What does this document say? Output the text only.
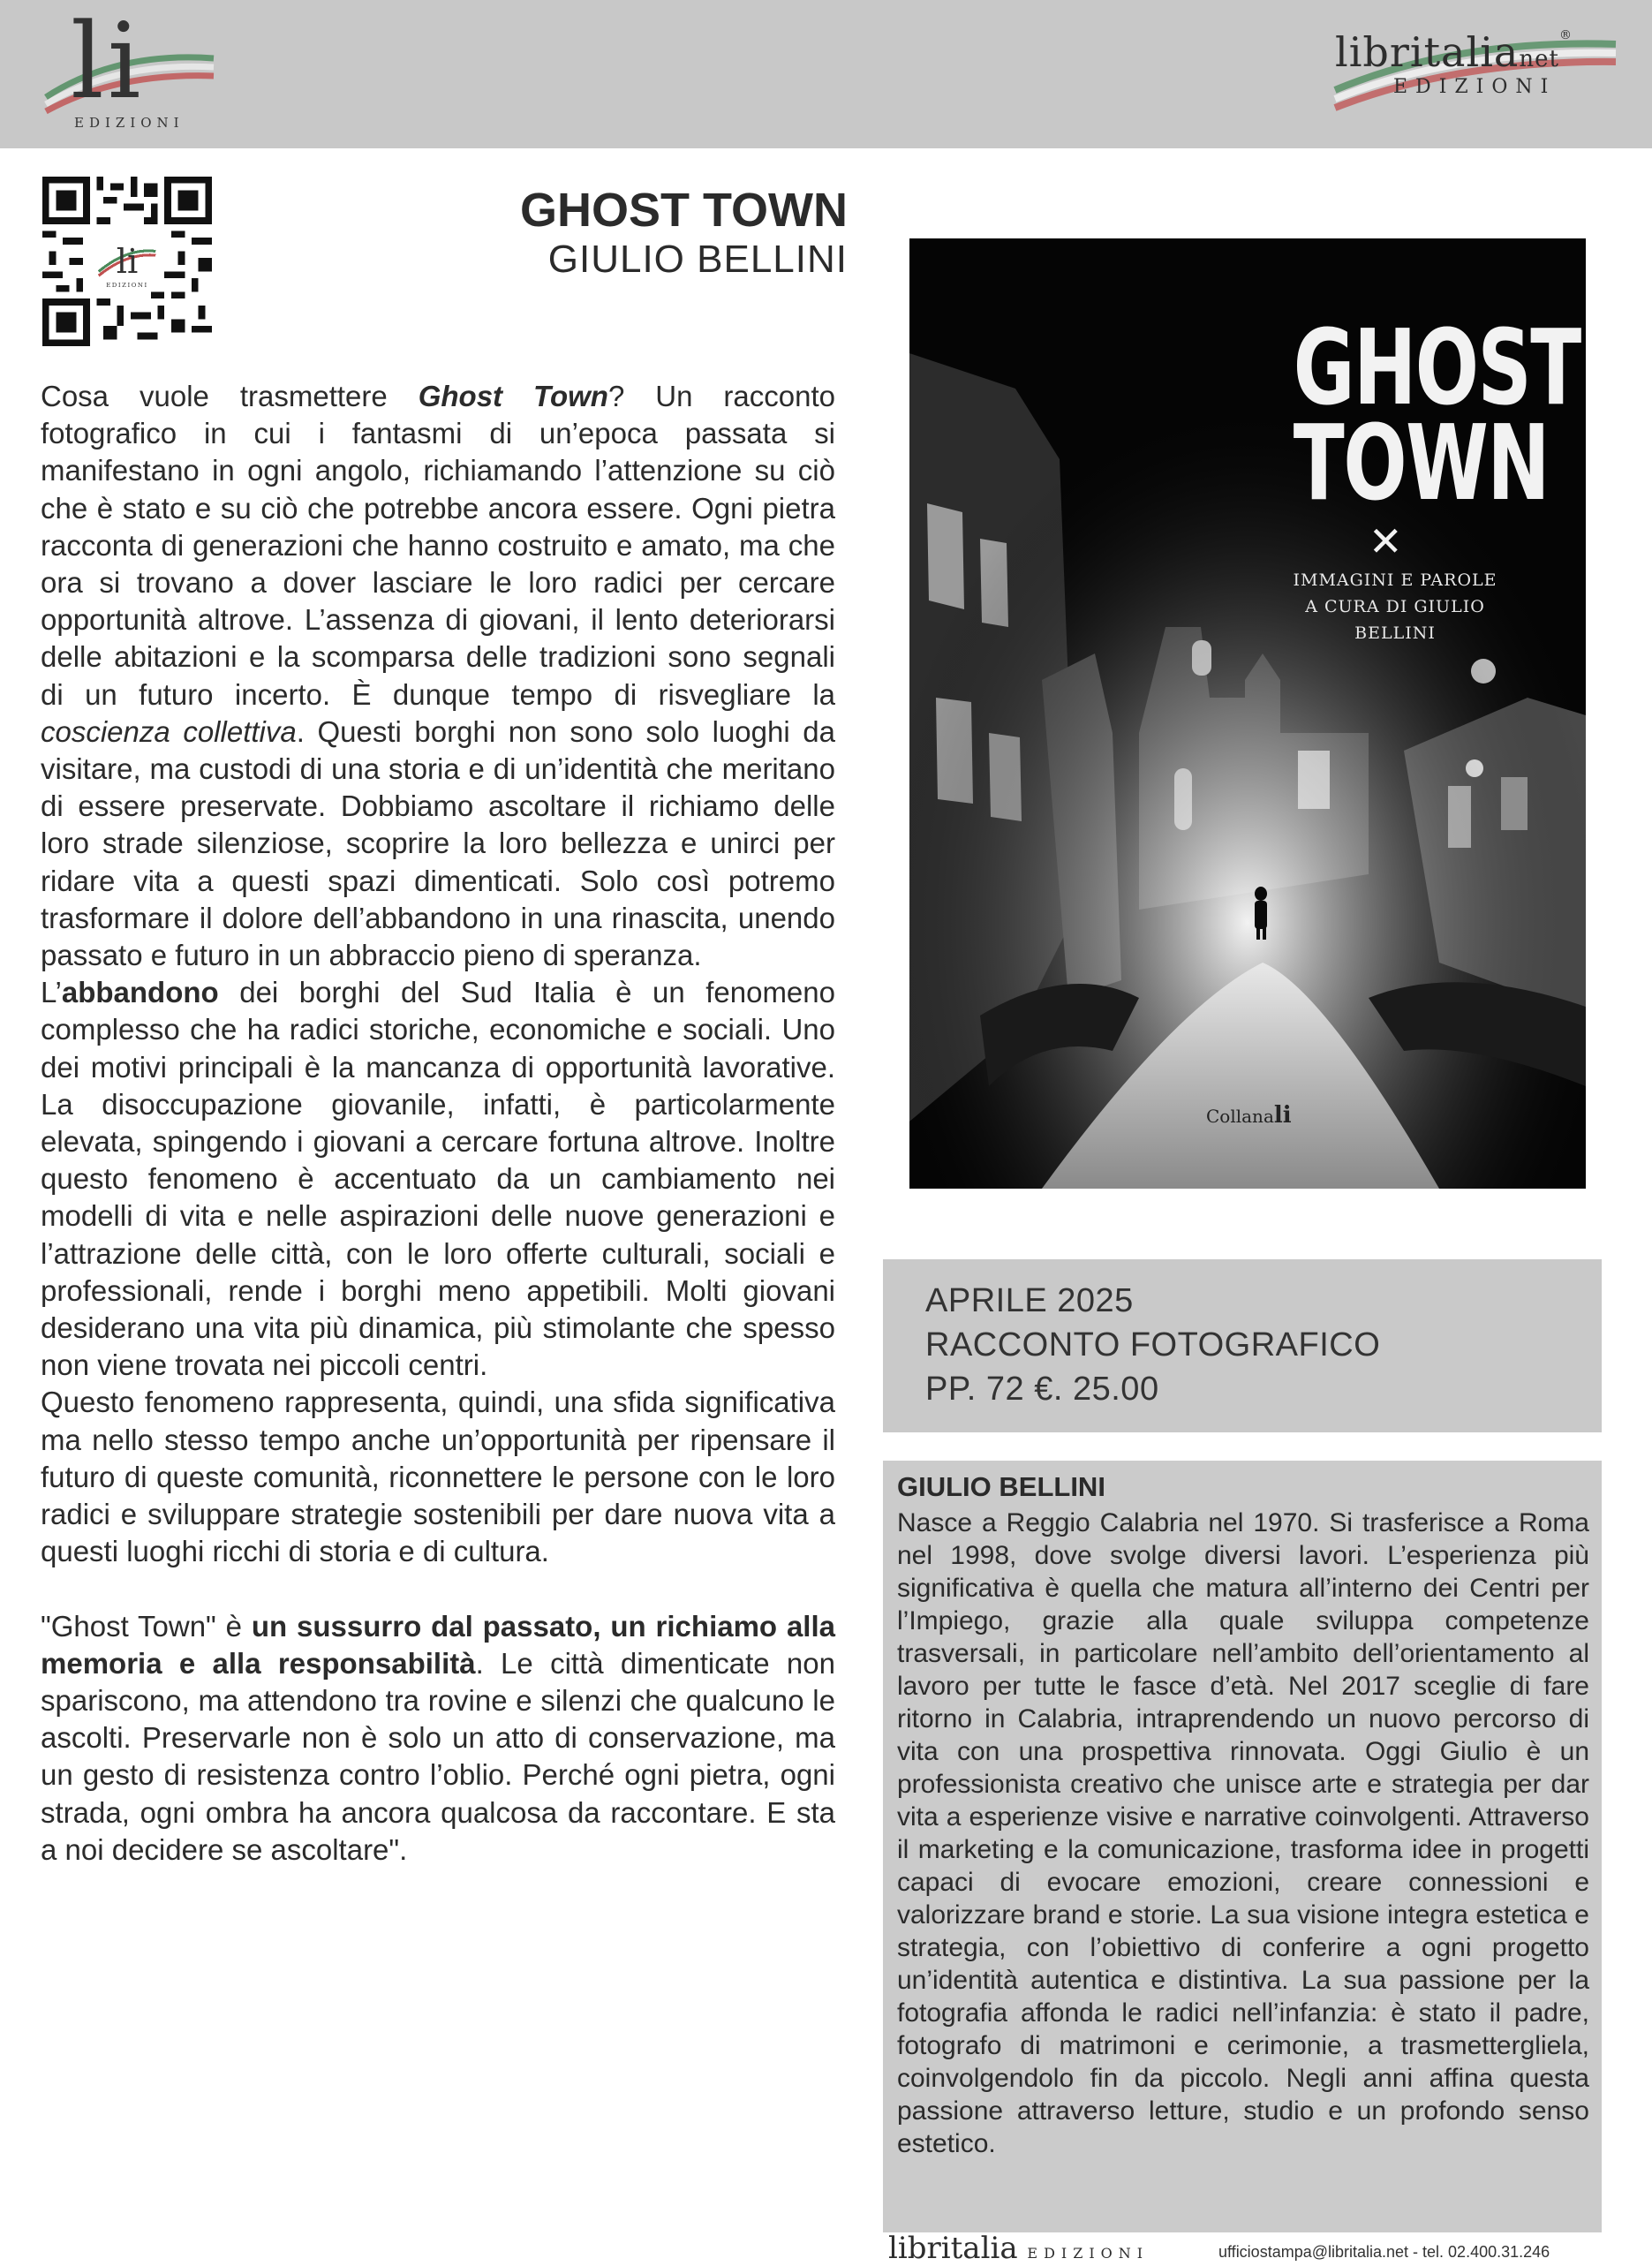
li
EDIZIONI
libritalianet®
EDIZIONI
li
GHOST TOWN
GIULIO BELLINI

Cosa vuole trasmettere Ghost Town? Un racconto fotografico in cui i fantasmi di un’epoca passata si manifestano in ogni angolo, richiamando l’attenzione su ciò che è stato e su ciò che potrebbe ancora essere. Ogni pietra racconta di generazioni che hanno costruito e amato, ma che ora si trovano a dover lasciare le loro radici per cercare opportunità altrove. L’assenza di giovani, il lento deteriorarsi delle abitazioni e la scomparsa delle tradizioni sono segnali di un futuro incerto. È dunque tempo di risvegliare la coscienza collettiva. Questi borghi non sono solo luoghi da visitare, ma custodi di una storia e di un’identità che meritano di essere preservate. Dobbiamo ascoltare il richiamo delle loro strade silenziose, scoprire la loro bellezza e unirci per ridare vita a questi spazi dimenticati. Solo così potremo trasformare il dolore dell’abbandono in una rinascita, unendo passato e futuro in un abbraccio pieno di speranza.

L’abbandono dei borghi del Sud Italia è un fenomeno complesso che ha radici storiche, economiche e sociali. Uno dei motivi principali è la mancanza di opportunità lavorative. La disoccupazione giovanile, infatti, è particolarmente elevata, spingendo i giovani a cercare fortuna altrove. Inoltre questo fenomeno è accentuato da un cambiamento nei modelli di vita e nelle aspirazioni delle nuove generazioni e l’attrazione delle città, con le loro offerte culturali, sociali e professionali, rende i borghi meno appetibili. Molti giovani desiderano una vita più dinamica, più stimolante che spesso non viene trovata nei piccoli centri.

Questo fenomeno rappresenta, quindi, una sfida significativa ma nello stesso tempo anche un’opportunità per ripensare il futuro di queste comunità, riconnettere le persone con le loro radici e sviluppare strategie sostenibili per dare nuova vita a questi luoghi ricchi di storia e di cultura.

"Ghost Town" è un sussurro dal passato, un richiamo alla memoria e alla responsabilità. Le città dimenticate non spariscono, ma attendono tra rovine e silenzi che qualcuno le ascolti. Preservarle non è solo un atto di conservazione, ma un gesto di resistenza contro l’oblio. Perché ogni pietra, ogni strada, ogni ombra ha ancora qualcosa da raccontare. E sta a noi decidere se ascoltare".

GHOST
TOWN
✕
IMMAGINI E PAROLE
A CURA DI GIULIO BELLINI
Collanali
APRILE 2025
RACCONTO FOTOGRAFICO
PP. 72 €. 25.00
GIULIO BELLINI
Nasce a Reggio Calabria nel 1970. Si trasferisce a Roma nel 1998, dove svolge diversi lavori. L’esperienza più significativa è quella che matura all’interno dei Centri per l’Impiego, grazie alla quale sviluppa competenze trasversali, in particolare nell’ambito dell’orientamento al lavoro per tutte le fasce d’età. Nel 2017 sceglie di fare ritorno in Calabria, intraprendendo un nuovo percorso di vita con una prospettiva rinnovata. Oggi Giulio è un professionista creativo che unisce arte e strategia per dar vita a esperienze visive e narrative coinvolgenti. Attraverso il marketing e la comunicazione, trasforma idee in progetti capaci di evocare emozioni, creare connessioni e valorizzare brand e storie. La sua visione integra estetica e strategia, con l’obiettivo di conferire a ogni progetto un’identità autentica e distintiva. La sua passione per la fotografia affonda le radici nell’infanzia: è stato il padre, fotografo di matrimoni e cerimonie, a trasmettergliela, coinvolgendolo fin da piccolo. Negli anni affina questa passione attraverso letture, studio e un profondo senso estetico.
libritalia EDIZIONI	ufficiostampa@libritalia.net - tel. 02.400.31.246
